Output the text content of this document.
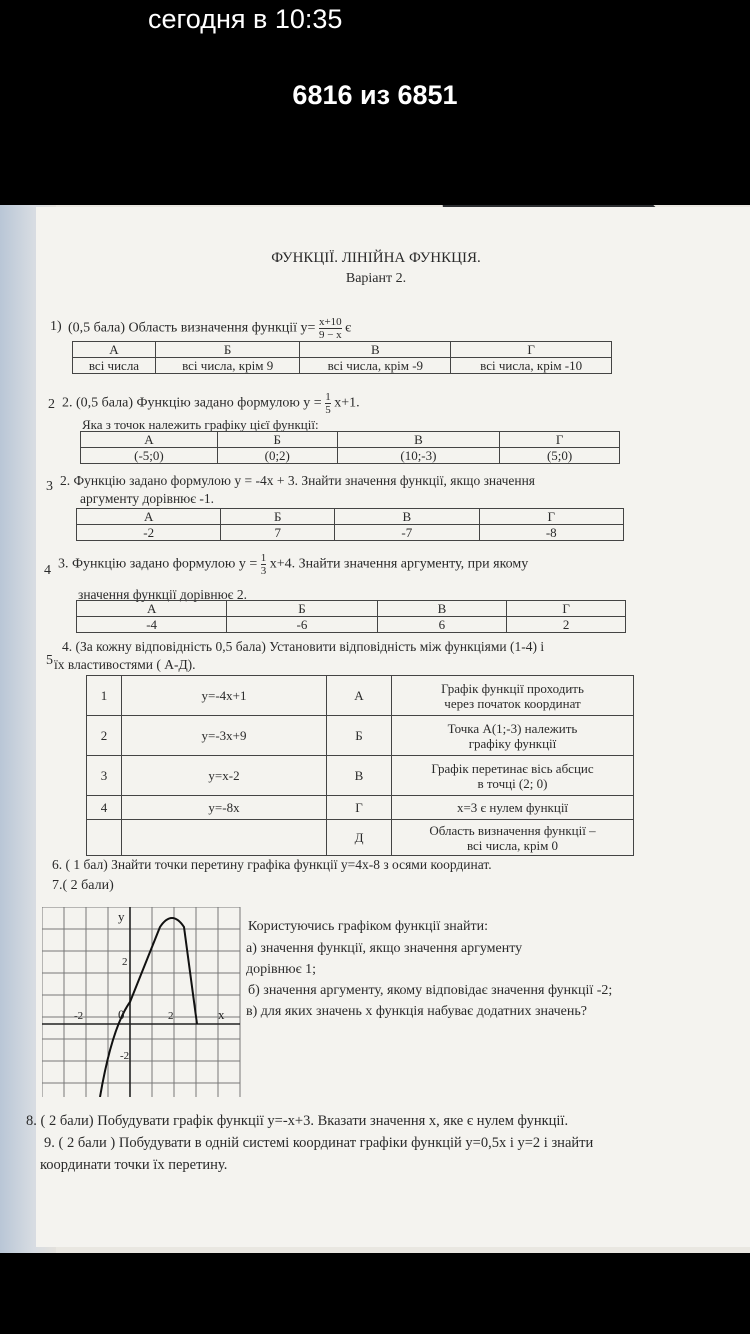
сегодня в 10:35
6816 из 6851
ФУНКЦІЇ. ЛІНІЙНА ФУНКЦІЯ.
Варіант 2.
1) (0,5 бала) Область визначення функції $у= \frac{x+10}{9 - x}$ є
А	Б	В	Г
всі числа	всі числа, крім 9	всі числа, крім -9	всі числа, крім -10
2 2. (0,5 бала) Функцію задано формулою $у = \frac{1}{5} x+1$.
Яка з точок належить графіку цієї функції:
А	Б	В	Г
(-5;0)	(0;2)	(10;-3)	(5;0)
3 2. Функцію задано формулою у = -4х + 3. Знайти значення функції, якщо значення
аргументу дорівнює -1.
А	Б	В	Г
-2	7	-7	-8
4 3. Функцію задано формулою $у = \frac{1}{3} х+4$. Знайти значення аргументу, при якому
значення функції дорівнює 2.
А	Б	В	Г
-4	-6	6	2
5
4. (За кожну відповідність 0,5 бала) Установити відповідність між функціями (1-4) і
їх властивостями ( А-Д).
1	у=-4х+1	А	Графік функції проходить
через початок координат
2	у=-3х+9	Б	Точка А(1;-3) належить
графіку функції
3	у=х-2	В	Графік перетинає вісь абсцис
в точці (2; 0)
4	у=-8х	Г	х=3 є нулем функції
		Д	Область визначення функції –
всі числа, крім 0
6. ( 1 бал) Знайти точки перетину графіка функції у=4х-8 з осями координат.
7.( 2 бали)
у
2
0
-2	2	х
-2
Користуючись графіком функції знайти:
а) значення функції, якщо значення аргументу
дорівнює 1;
б) значення аргументу, якому відповідає значення функції -2;
в) для яких значень х функція набуває додатних значень?
8. ( 2 бали) Побудувати графік функції у=-х+3. Вказати значення х, яке є нулем функції.
9. ( 2 бали ) Побудувати в одній системі координат графіки функцій у=0,5х і у=2 і знайти
координати точки їх перетину.
